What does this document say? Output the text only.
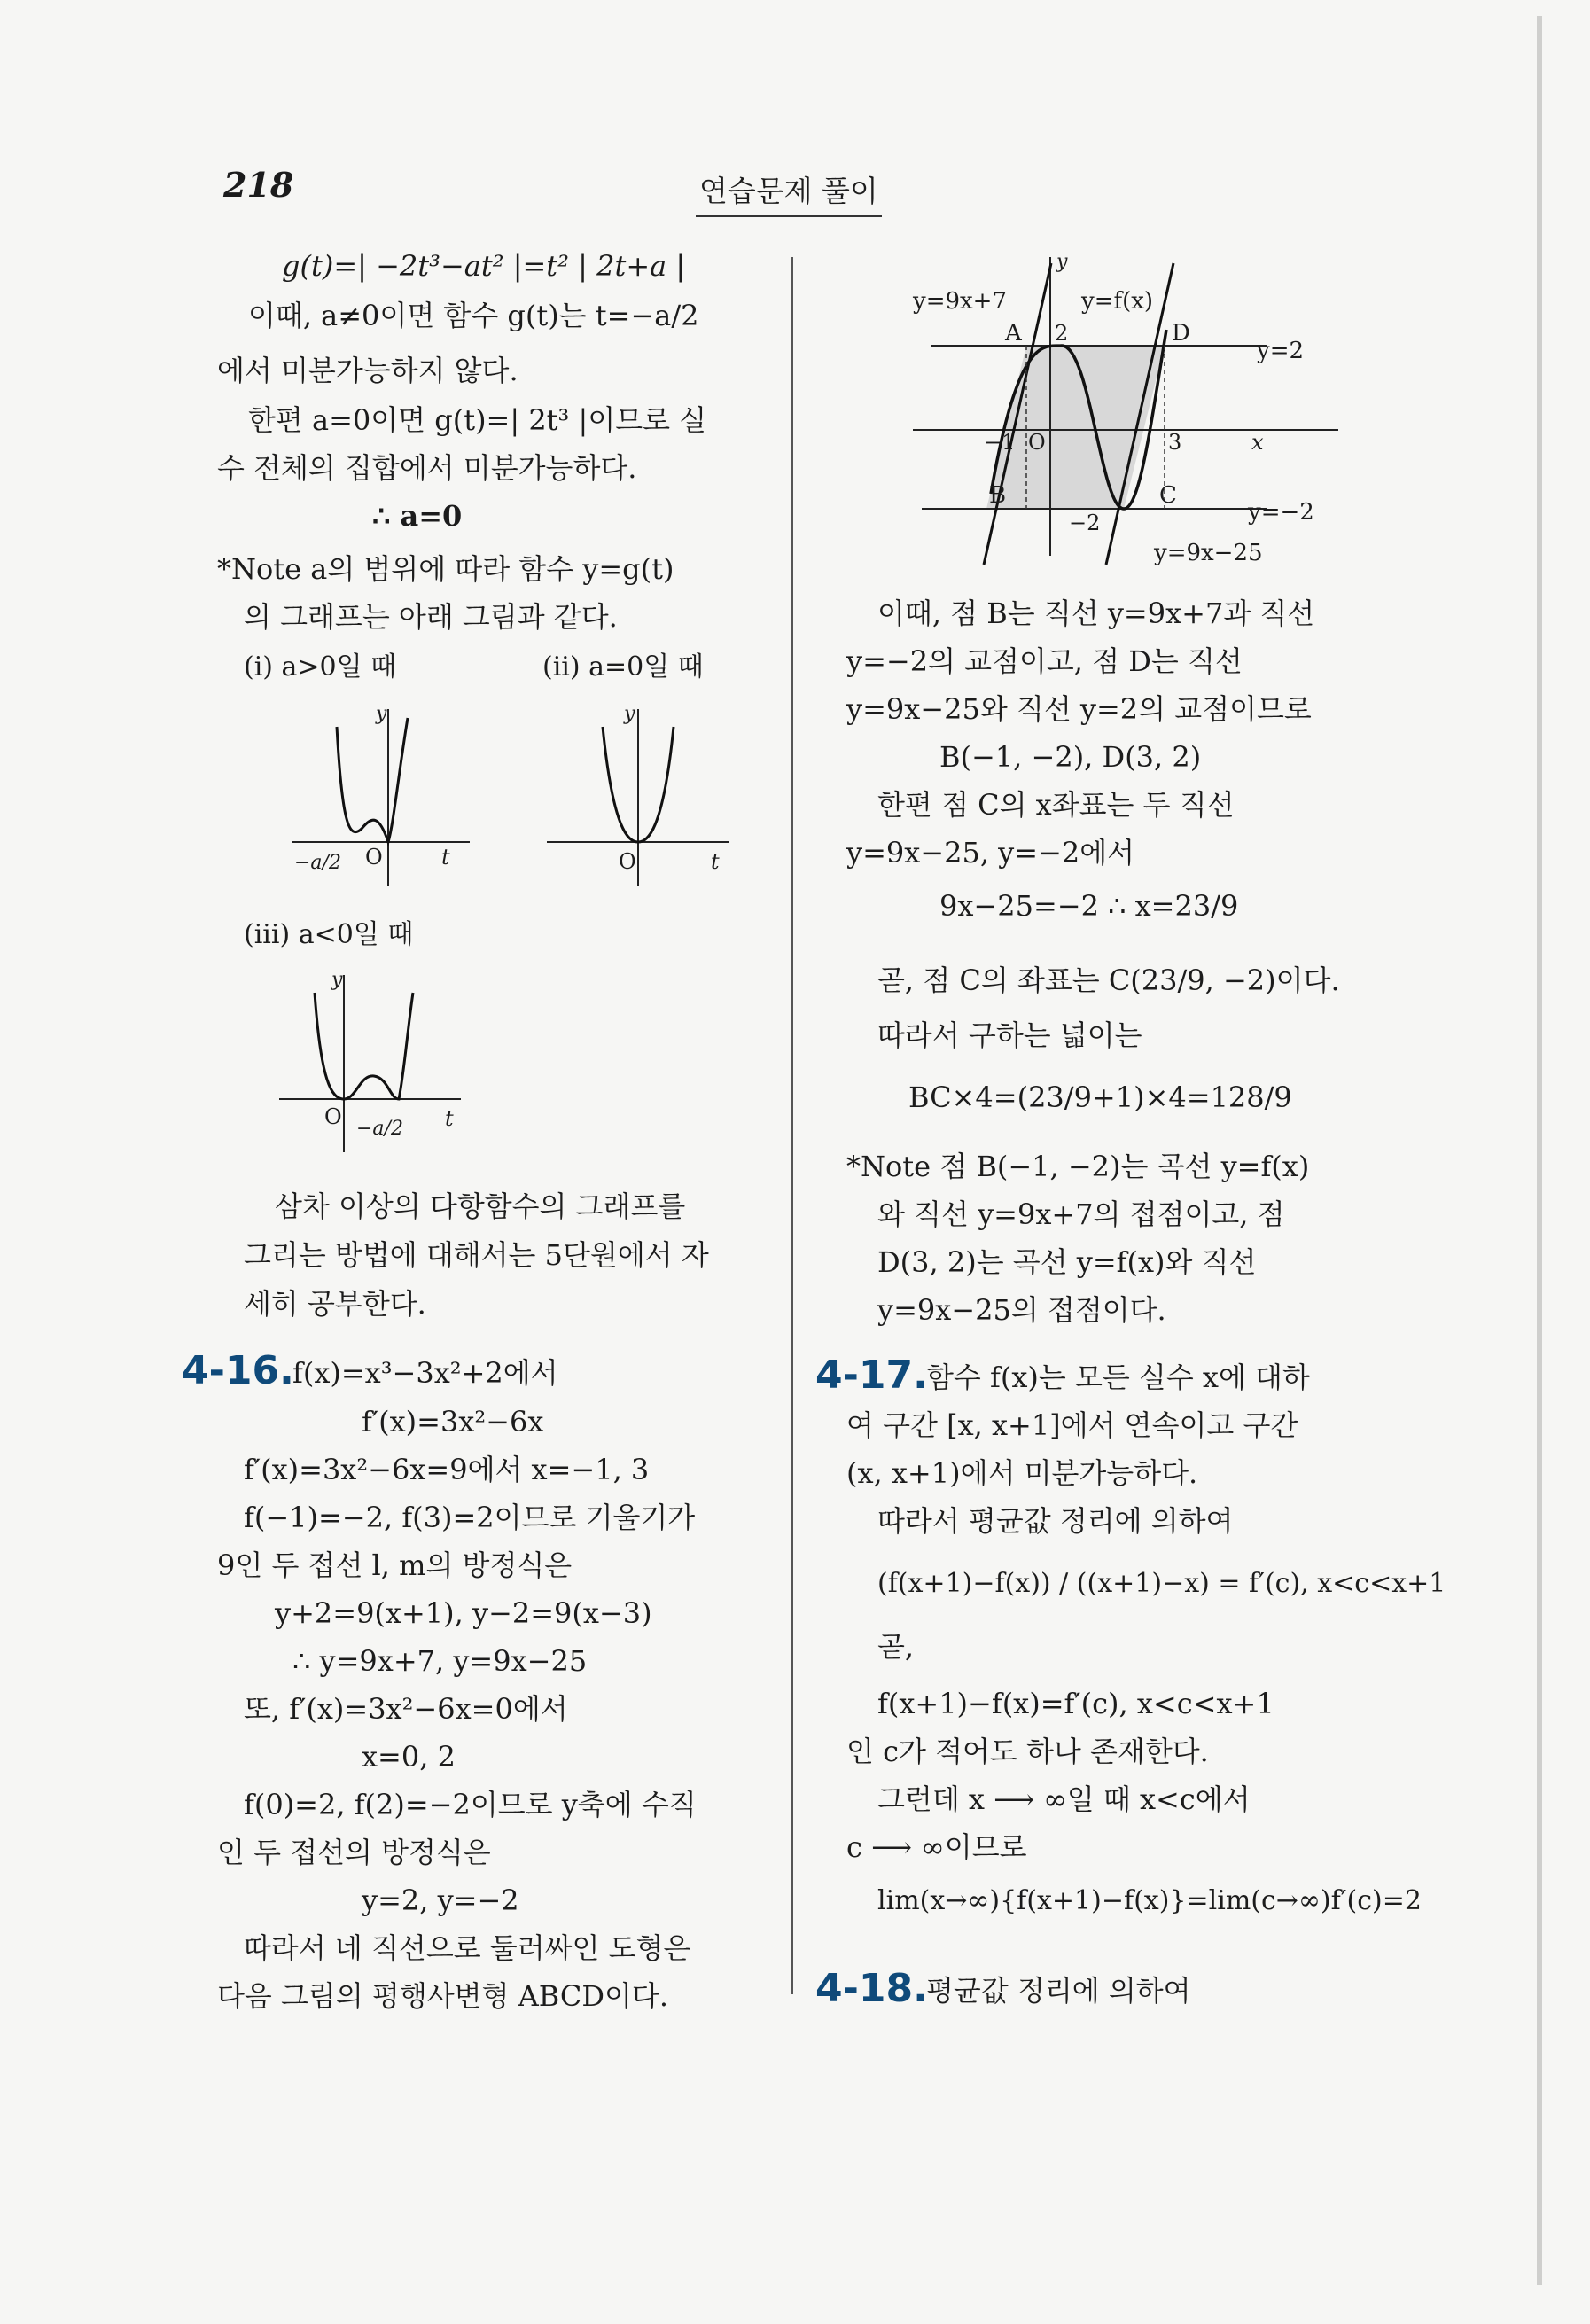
218	연습문제 풀이
g(t)=| −2t³−at² |=t² | 2t+a |
이때, a≠0이면 함수 g(t)는 t=−a/2
에서 미분가능하지 않다.
한편 a=0이면 g(t)=| 2t³ |이므로 실
수 전체의 집합에서 미분가능하다.
∴ a=0
*Note a의 범위에 따라 함수 y=g(t)
의 그래프는 아래 그림과 같다.
(i) a>0일 때	(ii) a=0일 때
y
t
O
−a/2
y
t
O
(iii) a<0일 때
y
t
O −a/2
삼차 이상의 다항함수의 그래프를
그리는 방법에 대해서는 5단원에서 자
세히 공부한다.
4-16.
f(x)=x³−3x²+2에서
f′(x)=3x²−6x
f′(x)=3x²−6x=9에서 x=−1, 3
f(−1)=−2, f(3)=2이므로 기울기가
9인 두 접선 l, m의 방정식은
y+2=9(x+1), y−2=9(x−3)
∴ y=9x+7, y=9x−25
또, f′(x)=3x²−6x=0에서
x=0, 2
f(0)=2, f(2)=−2이므로 y축에 수직
인 두 접선의 방정식은
y=2, y=−2
따라서 네 직선으로 둘러싸인 도형은
다음 그림의 평행사변형 ABCD이다.
y
x
O
y=9x+7	y=f(x)
y=2
y=−2
y=9x−25
A 2	D
−1	3
B	C
−2
이때, 점 B는 직선 y=9x+7과 직선
y=−2의 교점이고, 점 D는 직선
y=9x−25와 직선 y=2의 교점이므로
B(−1, −2), D(3, 2)
한편 점 C의 x좌표는 두 직선
y=9x−25, y=−2에서
9x−25=−2 ∴ x=23/9
곧, 점 C의 좌표는 C(23/9, −2)이다.
따라서 구하는 넓이는
BC×4=(23/9+1)×4=128/9
*Note 점 B(−1, −2)는 곡선 y=f(x)
와 직선 y=9x+7의 접점이고, 점
D(3, 2)는 곡선 y=f(x)와 직선
y=9x−25의 접점이다.
4-17.
함수 f(x)는 모든 실수 x에 대하
여 구간 [x, x+1]에서 연속이고 구간
(x, x+1)에서 미분가능하다.
따라서 평균값 정리에 의하여
(f(x+1)−f(x)) / ((x+1)−x) = f′(c), x<c<x+1
곧,
f(x+1)−f(x)=f′(c), x<c<x+1
인 c가 적어도 하나 존재한다.
그런데 x ⟶ ∞일 때 x<c에서
c ⟶ ∞이므로
lim(x→∞){f(x+1)−f(x)}=lim(c→∞)f′(c)=2
4-18.
평균값 정리에 의하여
